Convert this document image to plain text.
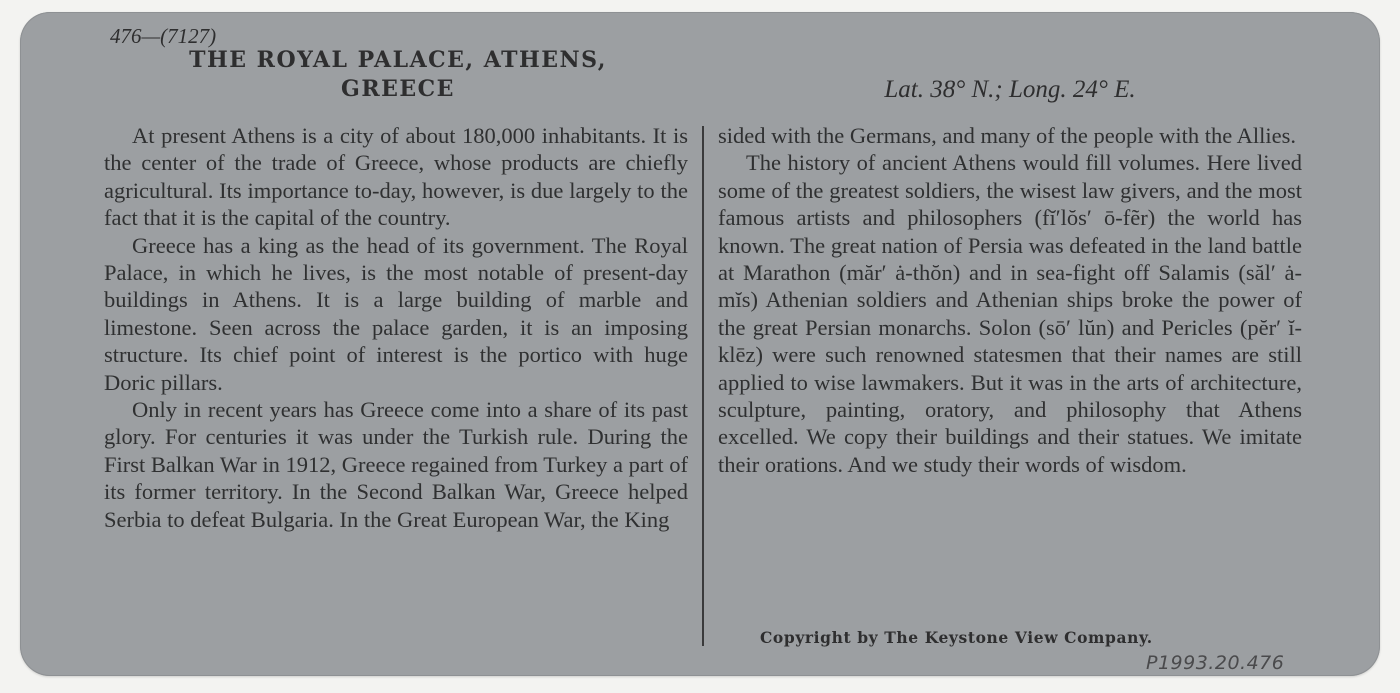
476—(7127)
THE ROYAL PALACE, ATHENS,
GREECE	Lat. 38° N.; Long. 24° E.

At present Athens is a city of about 180,000 inhabitants. It is the center of the trade of Greece, whose products are chiefly agricultural. Its importance to-day, however, is due largely to the fact that it is the capital of the country.

Greece has a king as the head of its government. The Royal Palace, in which he lives, is the most notable of present-day buildings in Athens. It is a large building of marble and limestone. Seen across the palace garden, it is an imposing structure. Its chief point of interest is the portico with huge Doric pillars.

Only in recent years has Greece come into a share of its past glory. For centuries it was under the Turkish rule. During the First Balkan War in 1912, Greece regained from Turkey a part of its former territory. In the Second Balkan War, Greece helped Serbia to defeat Bulgaria. In the Great European War, the King

sided with the Germans, and many of the people with the Allies.

The history of ancient Athens would fill volumes. Here lived some of the greatest soldiers, the wisest law givers, and the most famous artists and philosophers (fĭ′lŏs′ ō-fẽr) the world has known. The great nation of Persia was defeated in the land battle at Marathon (măr′ ȧ-thŏn) and in sea-fight off Salamis (săl′ ȧ-mĭs) Athenian soldiers and Athenian ships broke the power of the great Persian monarchs. Solon (sō′ lŭn) and Pericles (pĕr′ ĭ-klēz) were such renowned statesmen that their names are still applied to wise lawmakers. But it was in the arts of architecture, sculpture, painting, oratory, and philosophy that Athens excelled. We copy their buildings and their statues. We imitate their orations. And we study their words of wisdom.

Copyright by The Keystone View Company.
P1993.20.476
